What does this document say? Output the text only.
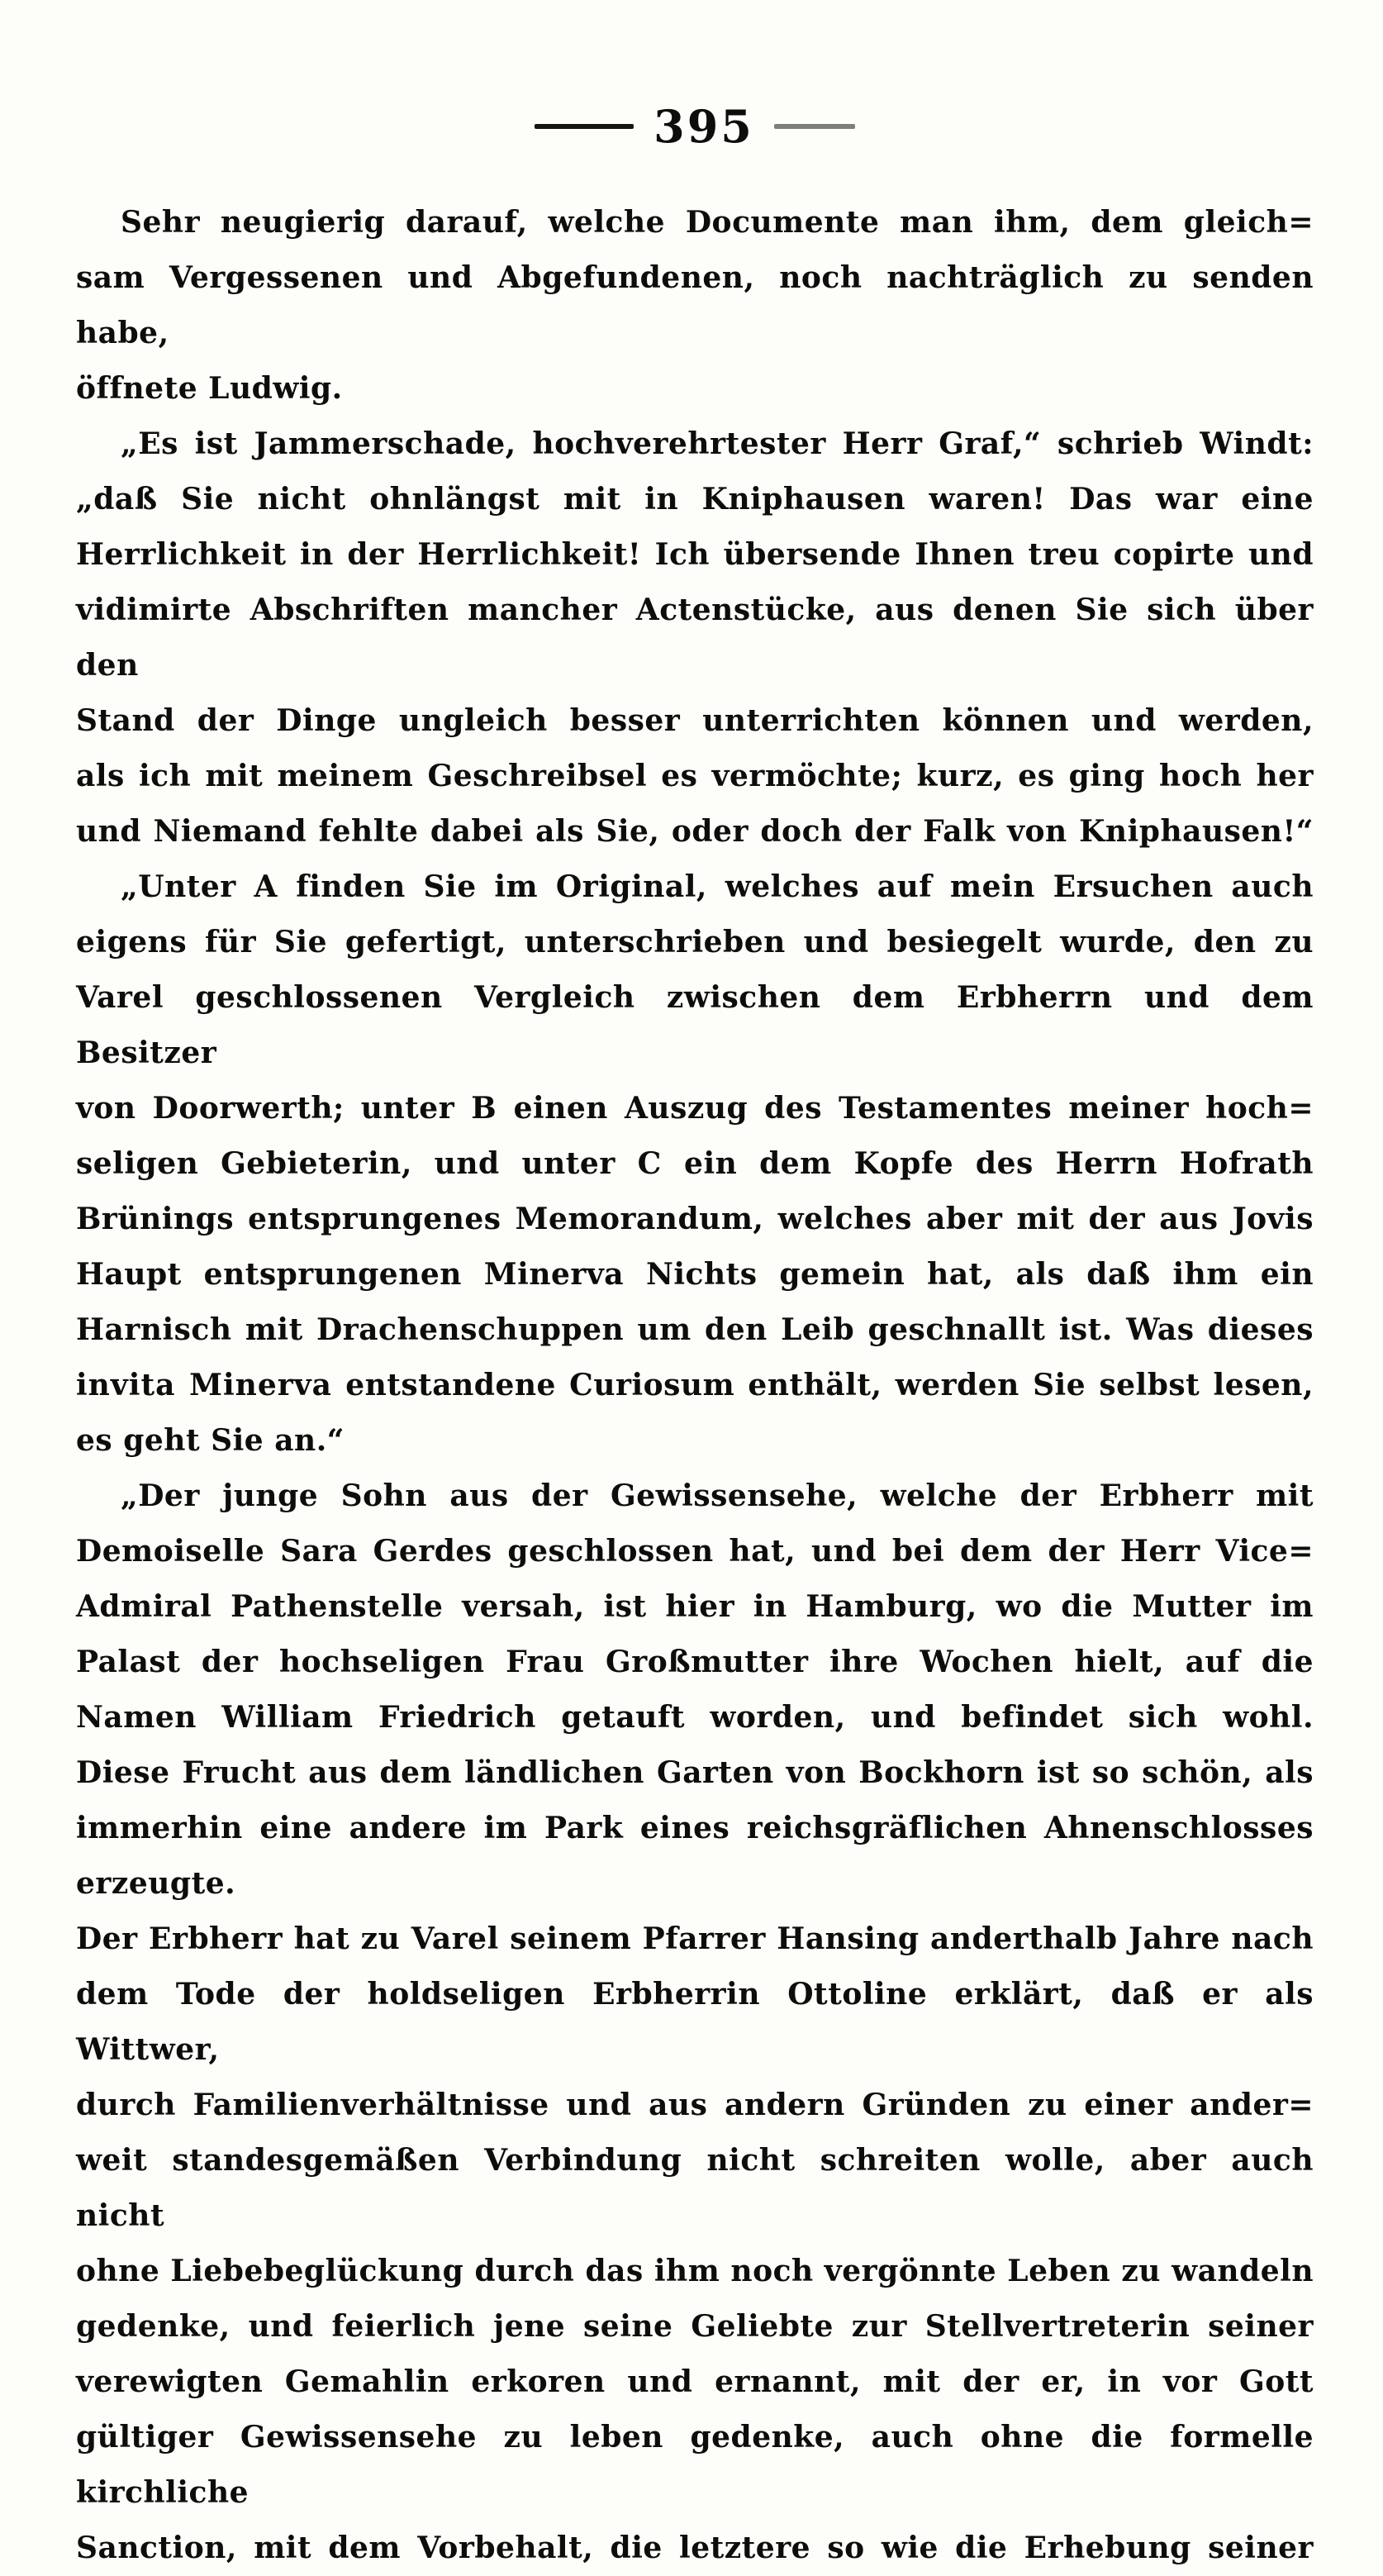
395
Sehr neugierig darauf, welche Documente man ihm, dem gleich=
sam Vergessenen und Abgefundenen, noch nachträglich zu senden habe,
öffnete Ludwig.
„Es ist Jammerschade, hochverehrtester Herr Graf,“ schrieb Windt:
„daß Sie nicht ohnlängst mit in Kniphausen waren! Das war eine
Herrlichkeit in der Herrlichkeit! Ich übersende Ihnen treu copirte und
vidimirte Abschriften mancher Actenstücke, aus denen Sie sich über den
Stand der Dinge ungleich besser unterrichten können und werden,
als ich mit meinem Geschreibsel es vermöchte; kurz, es ging hoch her
und Niemand fehlte dabei als Sie, oder doch der Falk von Kniphausen!“
„Unter A finden Sie im Original, welches auf mein Ersuchen auch
eigens für Sie gefertigt, unterschrieben und besiegelt wurde, den zu
Varel geschlossenen Vergleich zwischen dem Erbherrn und dem Besitzer
von Doorwerth; unter B einen Auszug des Testamentes meiner hoch=
seligen Gebieterin, und unter C ein dem Kopfe des Herrn Hofrath
Brünings entsprungenes Memorandum, welches aber mit der aus Jovis
Haupt entsprungenen Minerva Nichts gemein hat, als daß ihm ein
Harnisch mit Drachenschuppen um den Leib geschnallt ist. Was dieses
invita Minerva entstandene Curiosum enthält, werden Sie selbst lesen,
es geht Sie an.“
„Der junge Sohn aus der Gewissensehe, welche der Erbherr mit
Demoiselle Sara Gerdes geschlossen hat, und bei dem der Herr Vice=
Admiral Pathenstelle versah, ist hier in Hamburg, wo die Mutter im
Palast der hochseligen Frau Großmutter ihre Wochen hielt, auf die
Namen William Friedrich getauft worden, und befindet sich wohl.
Diese Frucht aus dem ländlichen Garten von Bockhorn ist so schön, als
immerhin eine andere im Park eines reichsgräflichen Ahnenschlosses erzeugte.
Der Erbherr hat zu Varel seinem Pfarrer Hansing anderthalb Jahre nach
dem Tode der holdseligen Erbherrin Ottoline erklärt, daß er als Wittwer,
durch Familienverhältnisse und aus andern Gründen zu einer ander=
weit standesgemäßen Verbindung nicht schreiten wolle, aber auch nicht
ohne Liebebeglückung durch das ihm noch vergönnte Leben zu wandeln
gedenke, und feierlich jene seine Geliebte zur Stellvertreterin seiner
verewigten Gemahlin erkoren und ernannt, mit der er, in vor Gott
gültiger Gewissensehe zu leben gedenke, auch ohne die formelle kirchliche
Sanction, mit dem Vorbehalt, die letztere so wie die Erhebung seiner
